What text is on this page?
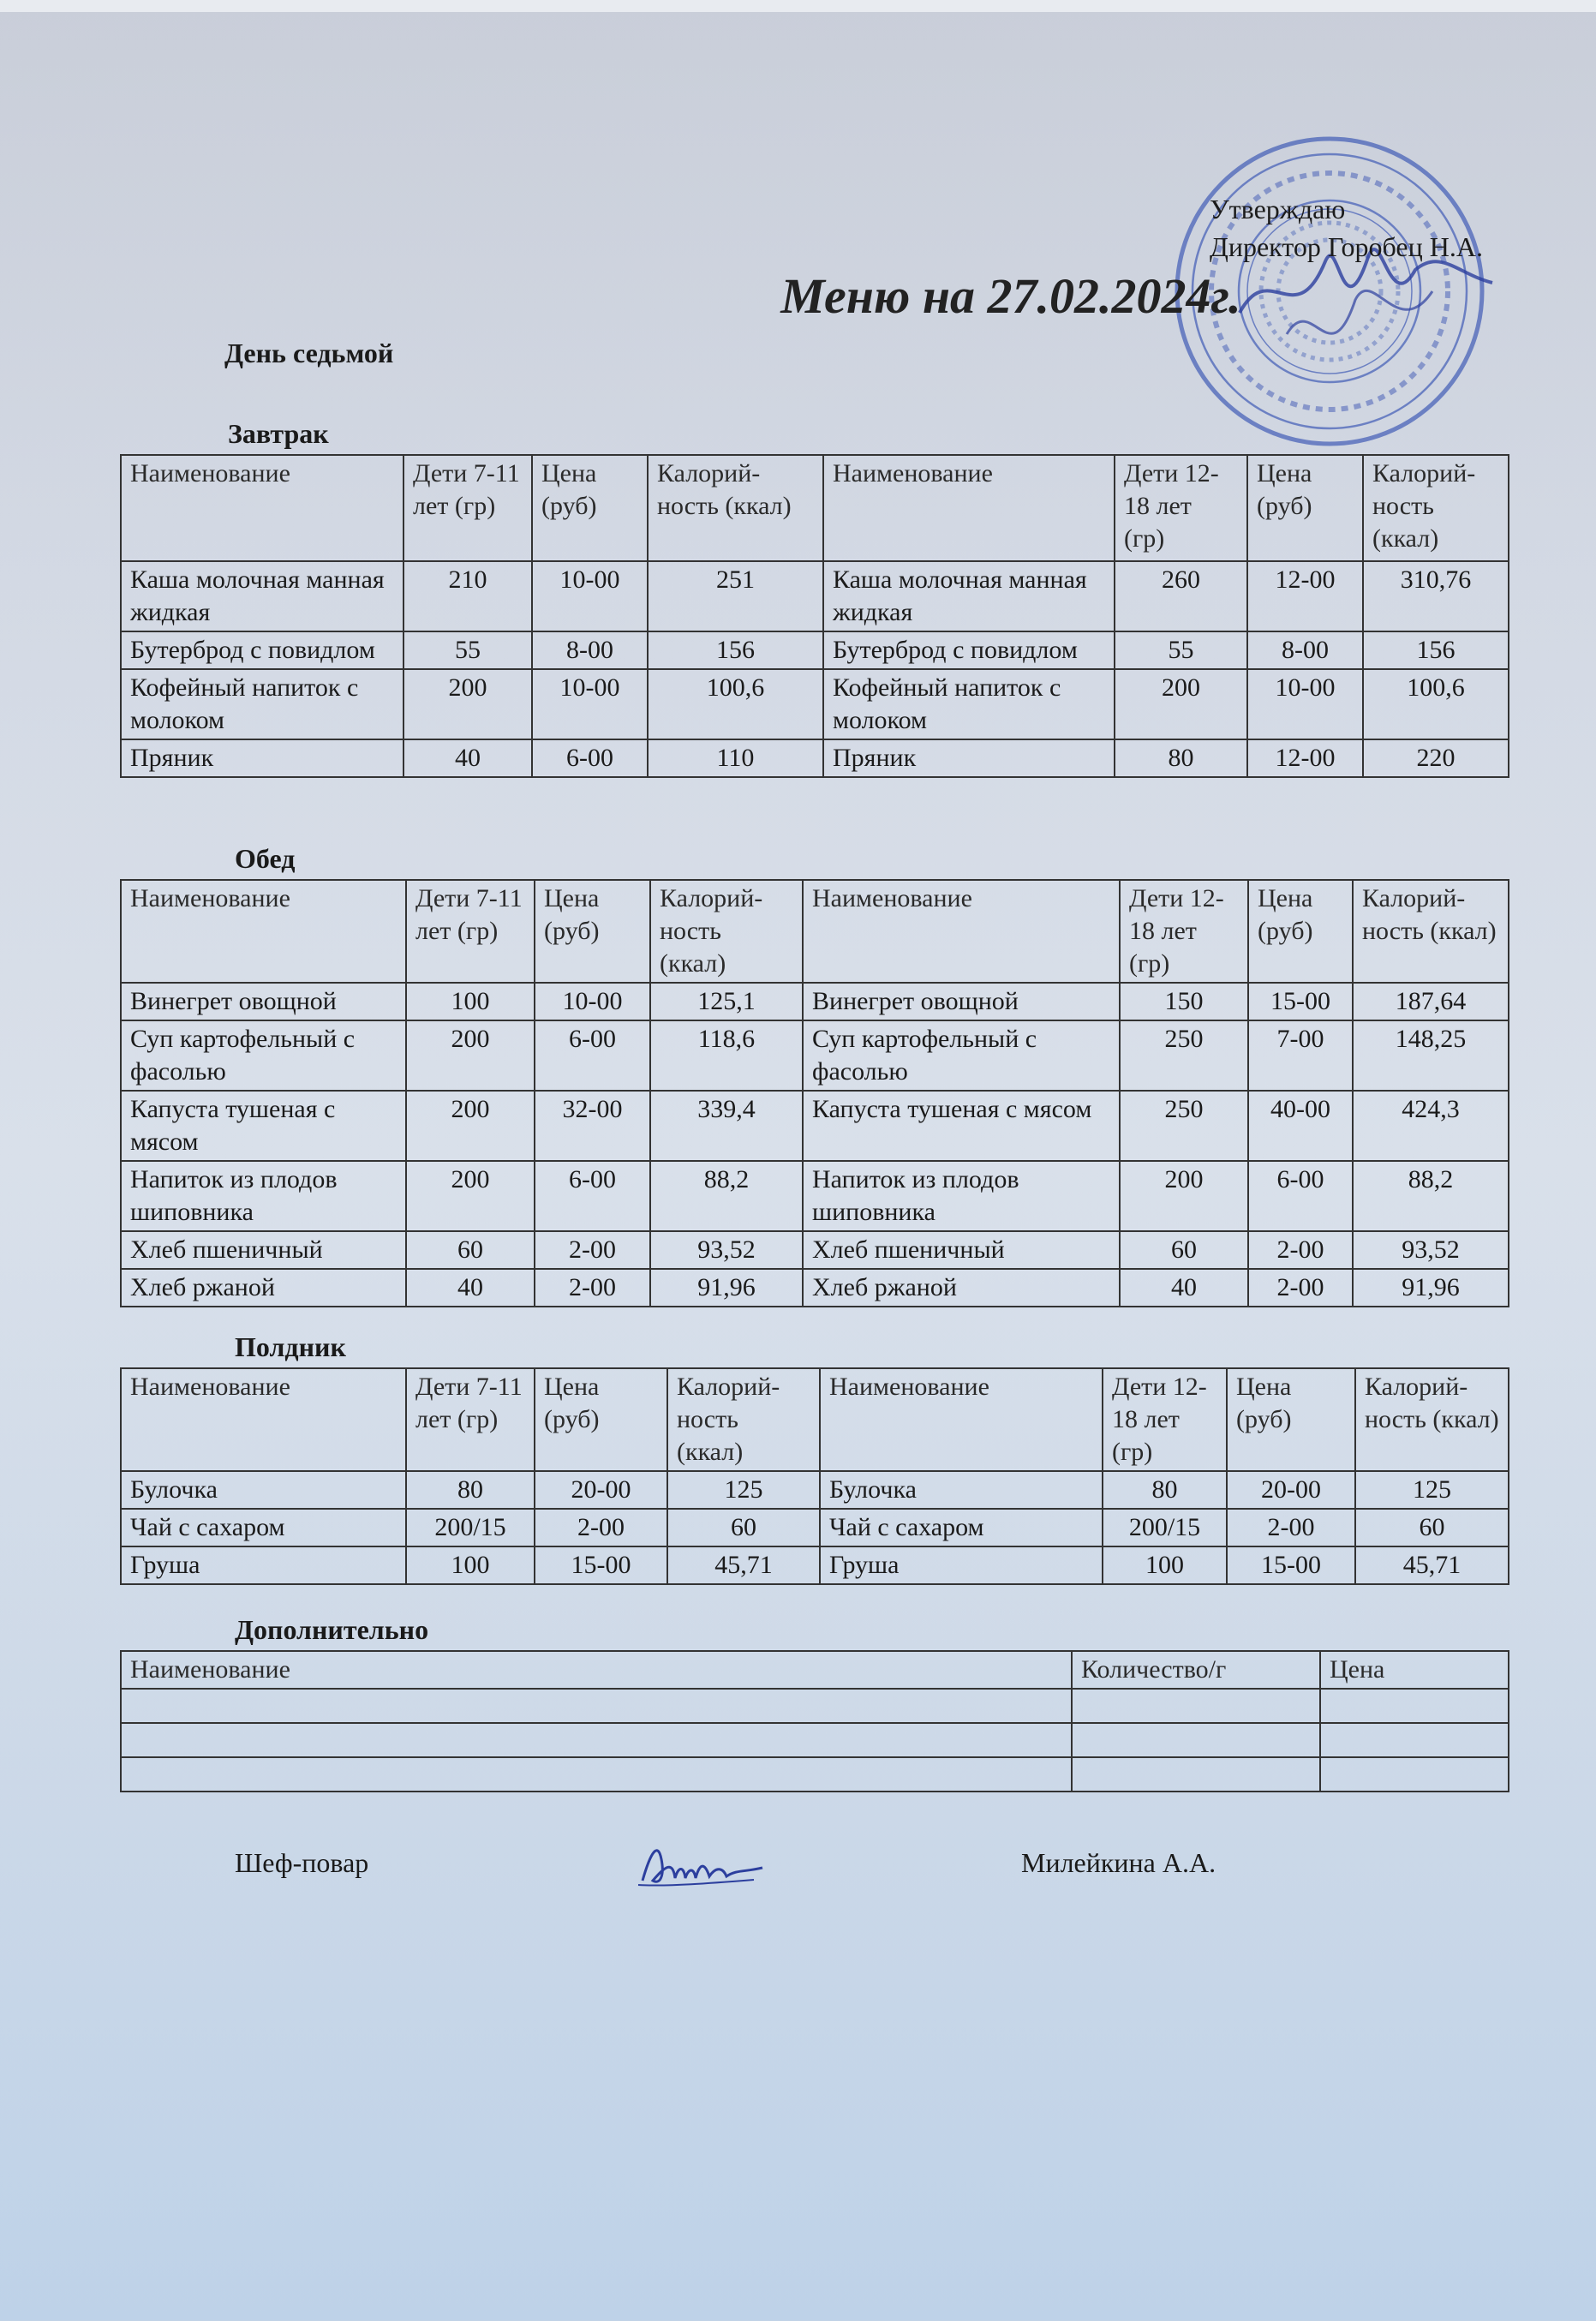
Утверждаю
Директор Горобец Н.А.
Меню на 27.02.2024г.
День седьмой
Завтрак
Наименование	Дети 7-11 лет (гр)	Цена (руб)	Калорий-ность (ккал)	Наименование	Дети 12-18 лет (гр)	Цена (руб)	Калорий-ность (ккал)
Каша молочная манная жидкая	210	10-00	251	Каша молочная манная жидкая	260	12-00	310,76
Бутерброд с повидлом	55	8-00	156	Бутерброд с повидлом	55	8-00	156
Кофейный напиток с молоком	200	10-00	100,6	Кофейный напиток с молоком	200	10-00	100,6
Пряник	40	6-00	110	Пряник	80	12-00	220
Обед
Наименование	Дети 7-11 лет (гр)	Цена (руб)	Калорий-ность (ккал)	Наименование	Дети 12-18 лет (гр)	Цена (руб)	Калорий-ность (ккал)
Винегрет овощной	100	10-00	125,1	Винегрет овощной	150	15-00	187,64
Суп картофельный с фасолью	200	6-00	118,6	Суп картофельный с фасолью	250	7-00	148,25
Капуста тушеная с мясом	200	32-00	339,4	Капуста тушеная с мясом	250	40-00	424,3
Напиток из плодов шиповника	200	6-00	88,2	Напиток из плодов шиповника	200	6-00	88,2
Хлеб пшеничный	60	2-00	93,52	Хлеб пшеничный	60	2-00	93,52
Хлеб ржаной	40	2-00	91,96	Хлеб ржаной	40	2-00	91,96
Полдник
Наименование	Дети 7-11 лет (гр)	Цена (руб)	Калорий-ность (ккал)	Наименование	Дети 12-18 лет (гр)	Цена (руб)	Калорий-ность (ккал)
Булочка	80	20-00	125	Булочка	80	20-00	125
Чай с сахаром	200/15	2-00	60	Чай с сахаром	200/15	2-00	60
Груша	100	15-00	45,71	Груша	100	15-00	45,71
Дополнительно
Наименование	Количество/г	Цена

Шеф-повар	Милейкина А.А.
